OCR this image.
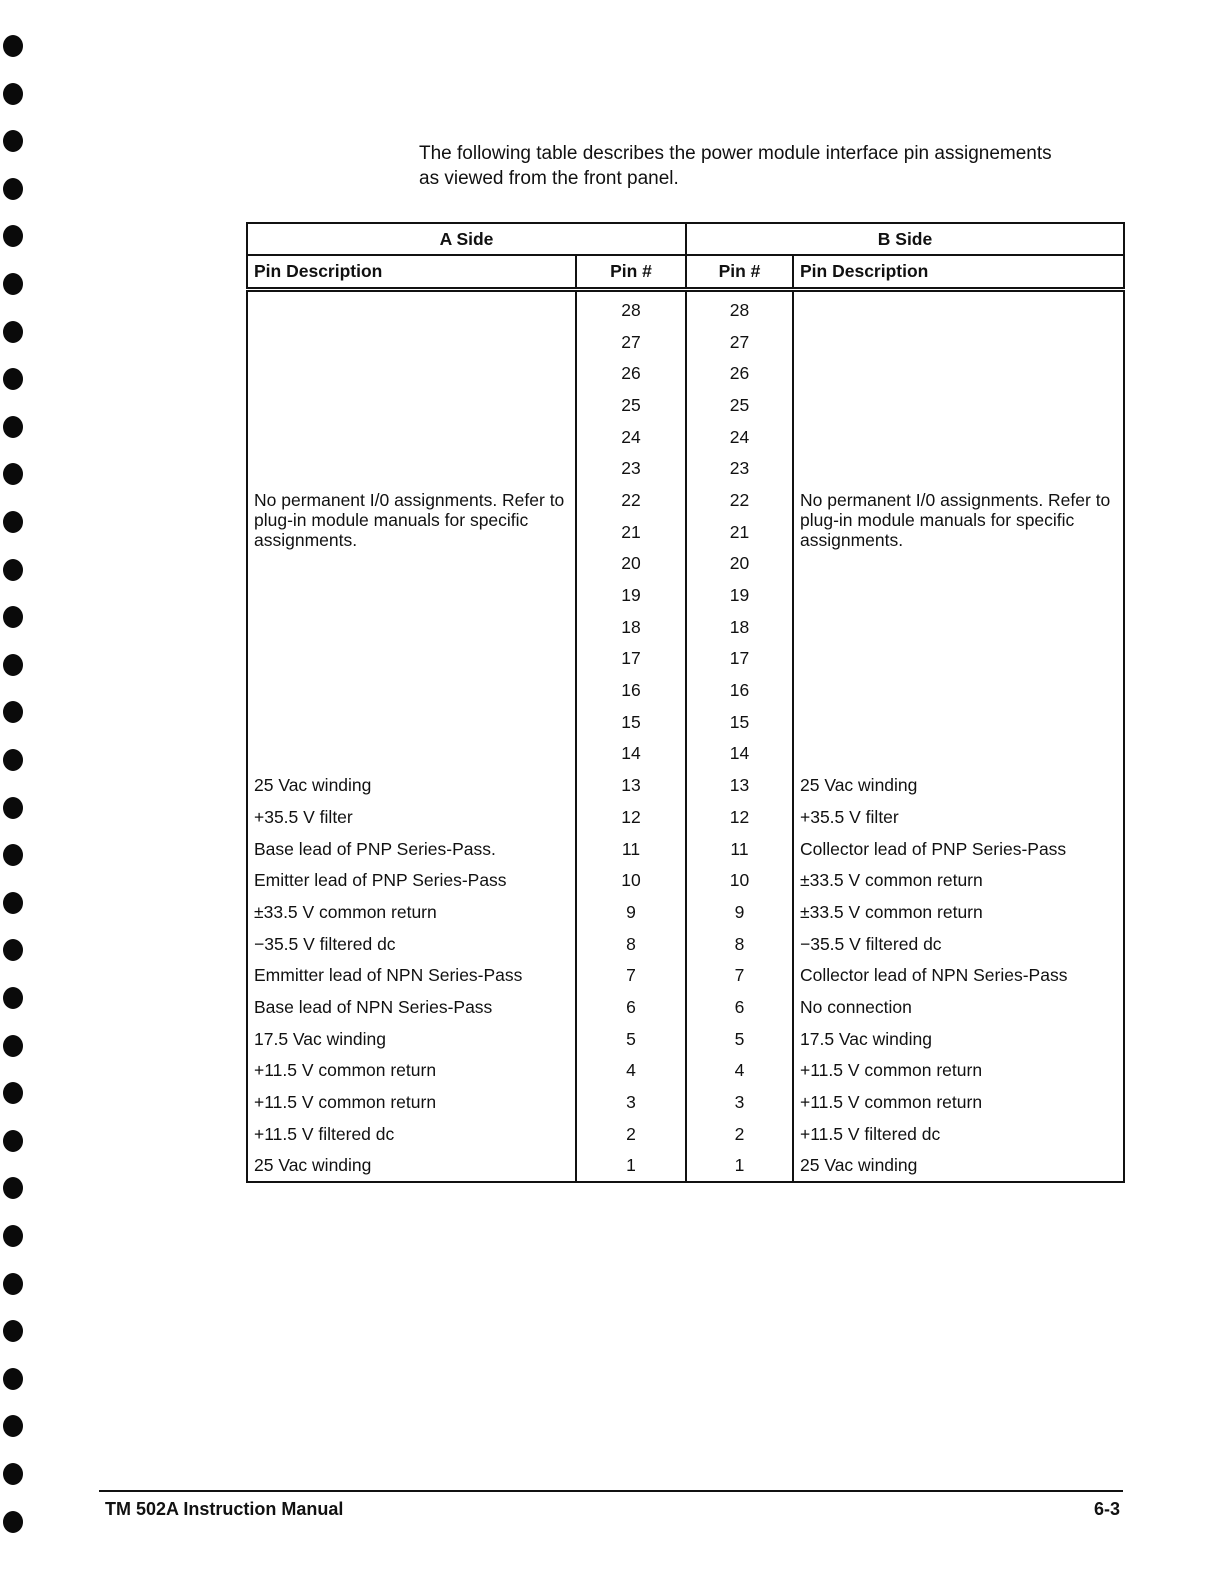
The following table describes the power module interface pin assignements
as viewed from the front panel.

A Side		B Side	
Pin Description	Pin #	Pin #	Pin Description
No permanent I/0 assignments. Refer to plug-in module manuals for specific assignments.	28	28	No permanent I/0 assignments. Refer to plug-in module manuals for specific assignments.
	27	27	
	26	26	
	25	25	
	24	24	
	23	23	
	22	22	
	21	21	
	20	20	
	19	19	
	18	18	
	17	17	
	16	16	
	15	15	
	14	14	
25 Vac winding	13	13	25 Vac winding
+35.5 V filter	12	12	+35.5 V filter
Base lead of PNP Series-Pass.	11	11	Collector lead of PNP Series-Pass
Emitter lead of PNP Series-Pass	10	10	±33.5 V common return
±33.5 V common return	9	9	±33.5 V common return
−35.5 V filtered dc	8	8	−35.5 V filtered dc
Emmitter lead of NPN Series-Pass	7	7	Collector lead of NPN Series-Pass
Base lead of NPN Series-Pass	6	6	No connection
17.5 Vac winding	5	5	17.5 Vac winding
+11.5 V common return	4	4	+11.5 V common return
+11.5 V common return	3	3	+11.5 V common return
+11.5 V filtered dc	2	2	+11.5 V filtered dc
25 Vac winding	1	1	25 Vac winding

TM 502A Instruction Manual	6-3
